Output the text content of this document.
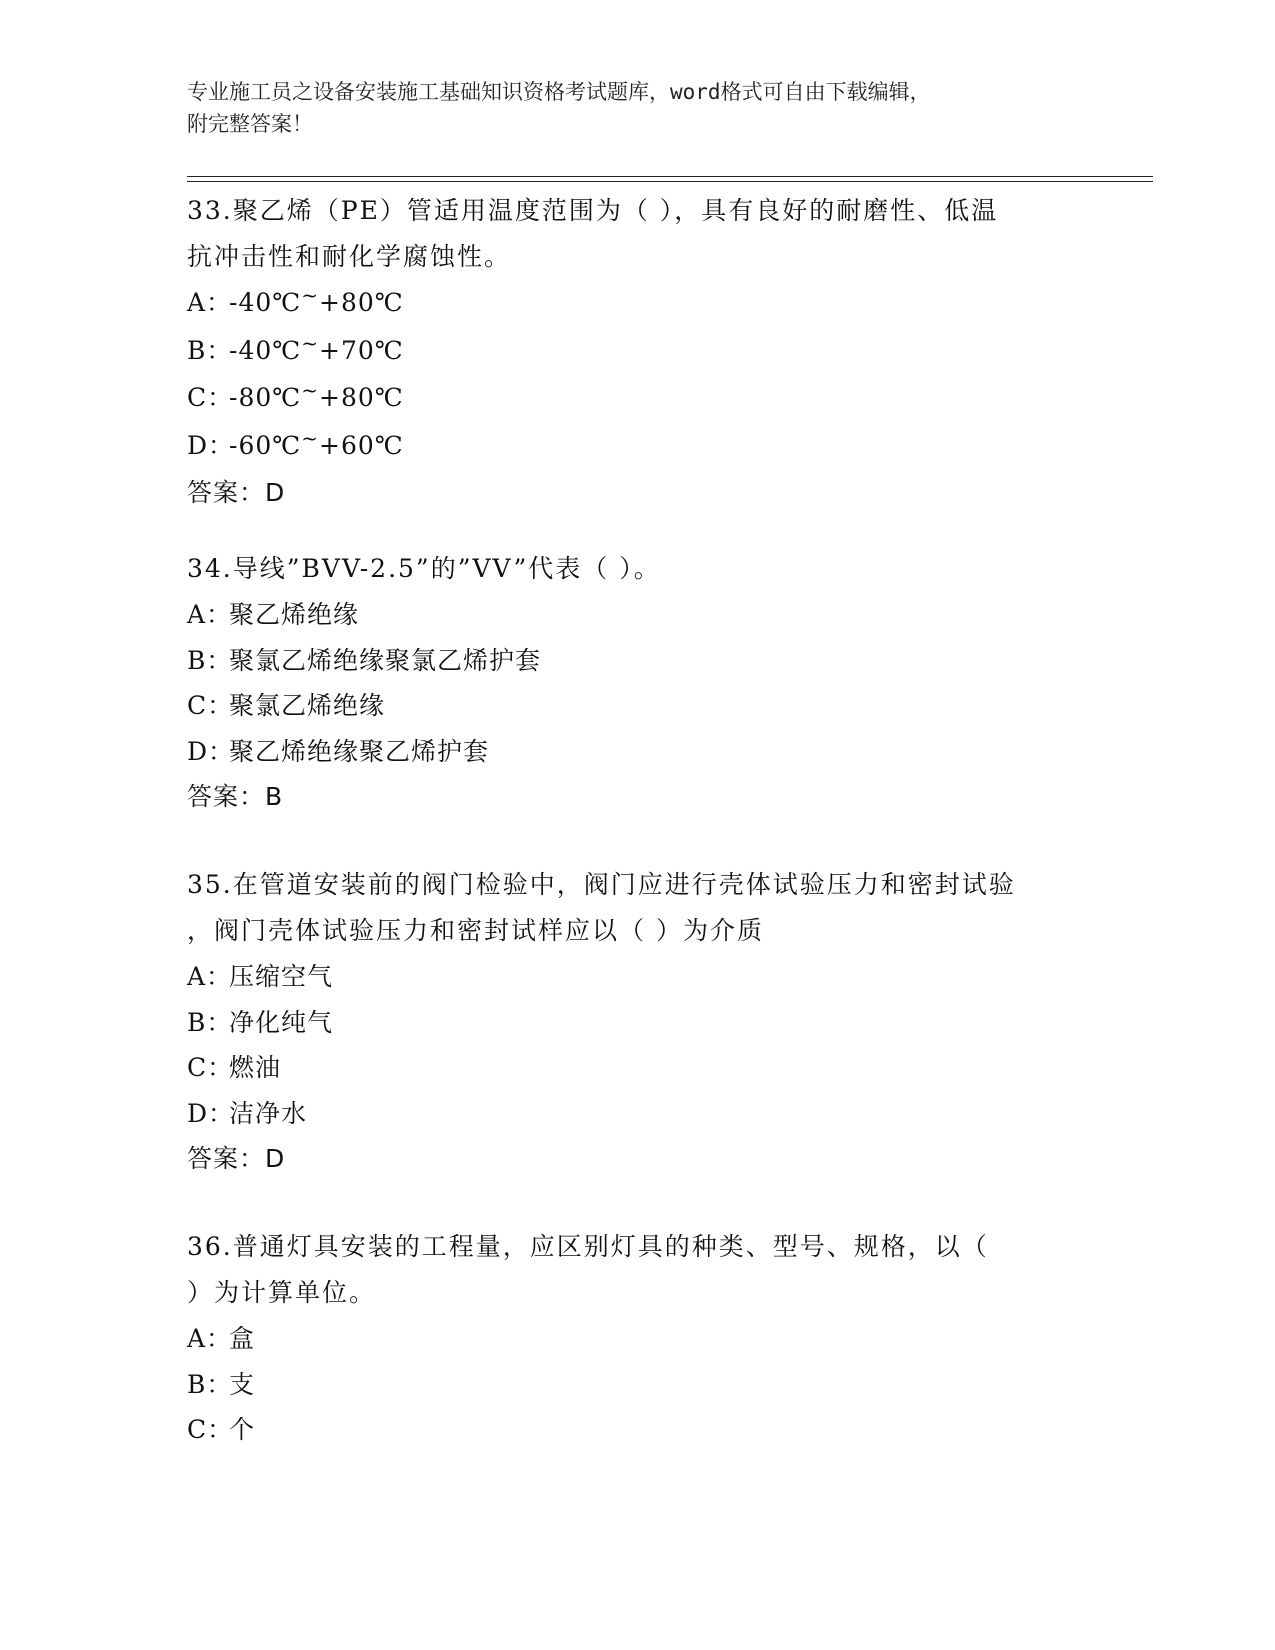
专业施工员之设备安装施工基础知识资格考试题库，word格式可自由下载编辑，
附完整答案！
33.聚乙烯（PE）管适用温度范围为（ ），具有良好的耐磨性、低温
抗冲击性和耐化学腐蚀性。
A：-40℃~+80℃
B：-40℃~+70℃
C：-80℃~+80℃
D：-60℃~+60℃
答案：D
34.导线”BVV-2.5”的”VV”代表（ ）。
A：聚乙烯绝缘
B：聚氯乙烯绝缘聚氯乙烯护套
C：聚氯乙烯绝缘
D：聚乙烯绝缘聚乙烯护套
答案：B
35.在管道安装前的阀门检验中，阀门应进行壳体试验压力和密封试验
，阀门壳体试验压力和密封试样应以（ ）为介质
A：压缩空气
B：净化纯气
C：燃油
D：洁净水
答案：D
36.普通灯具安装的工程量，应区别灯具的种类、型号、规格，以（
）为计算单位。
A：盒
B：支
C：个
